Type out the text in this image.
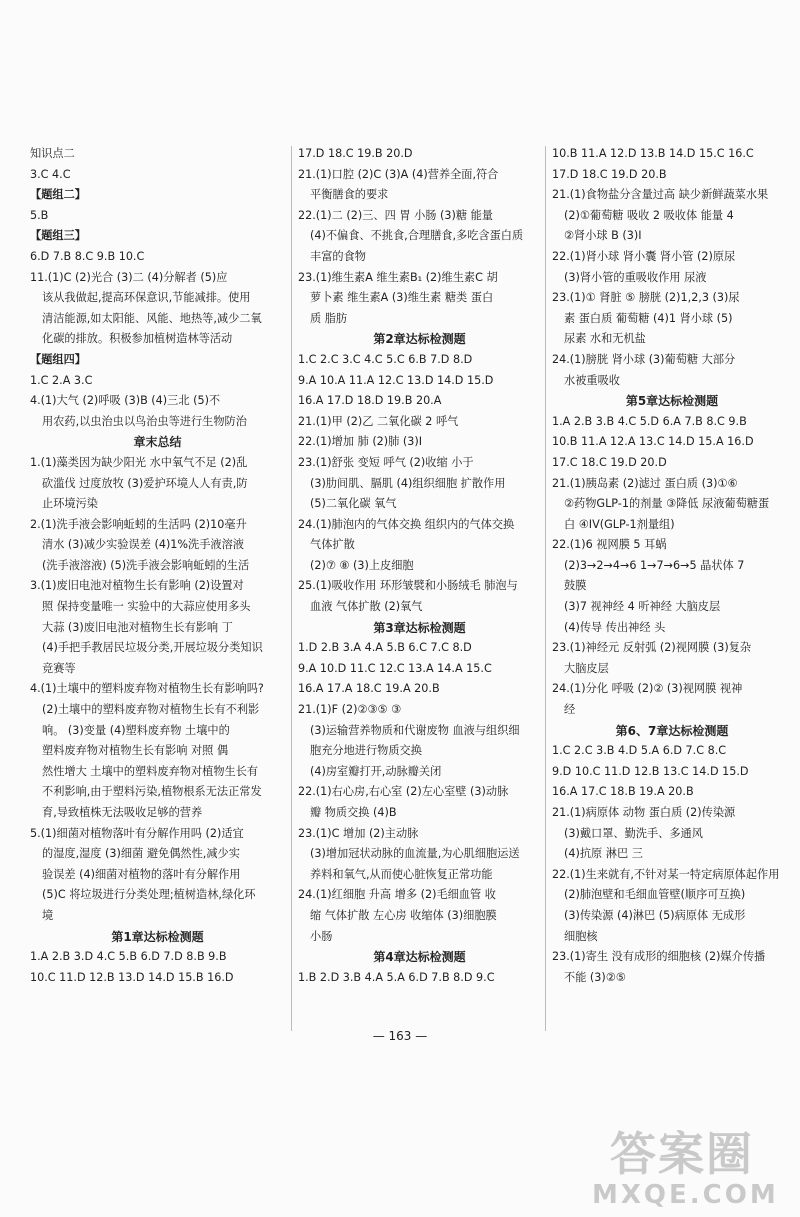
知识点二
3.C 4.C
【题组二】
5.B
【题组三】
6.D 7.B 8.C 9.B 10.C
11.(1)C (2)光合 (3)二 (4)分解者 (5)应
该从我做起,提高环保意识,节能减排。使用
清洁能源,如太阳能、风能、地热等,减少二氧
化碳的排放。积极参加植树造林等活动
【题组四】
1.C 2.A 3.C
4.(1)大气 (2)呼吸 (3)B (4)三北 (5)不
用农药,以虫治虫以鸟治虫等进行生物防治
章末总结
1.(1)藻类因为缺少阳光 水中氧气不足 (2)乱
砍滥伐 过度放牧 (3)爱护环境人人有责,防
止环境污染
2.(1)洗手液会影响蚯蚓的生活吗 (2)10毫升
清水 (3)减少实验误差 (4)1%洗手液溶液
(洗手液溶液) (5)洗手液会影响蚯蚓的生活
3.(1)废旧电池对植物生长有影响 (2)设置对
照 保持变量唯一 实验中的大蒜应使用多头
大蒜 (3)废旧电池对植物生长有影响 丁
(4)手把手教居民垃圾分类,开展垃圾分类知识
竞赛等
4.(1)土壤中的塑料废弃物对植物生长有影响吗?
(2)土壤中的塑料废弃物对植物生长有不利影
响。 (3)变量 (4)塑料废弃物 土壤中的
塑料废弃物对植物生长有影响 对照 偶
然性增大 土壤中的塑料废弃物对植物生长有
不利影响,由于塑料污染,植物根系无法正常发
育,导致植株无法吸收足够的营养
5.(1)细菌对植物落叶有分解作用吗 (2)适宜
的湿度,湿度 (3)细菌 避免偶然性,减少实
验误差 (4)细菌对植物的落叶有分解作用
(5)C 将垃圾进行分类处理;植树造林,绿化环
境
第1章达标检测题
1.A 2.B 3.D 4.C 5.B 6.D 7.D 8.B 9.B
10.C 11.D 12.B 13.D 14.D 15.B 16.D
17.D 18.C 19.B 20.D
21.(1)口腔 (2)C (3)A (4)营养全面,符合
平衡膳食的要求
22.(1)二 (2)三、四 胃 小肠 (3)糖 能量
(4)不偏食、不挑食,合理膳食,多吃含蛋白质
丰富的食物
23.(1)维生素A 维生素B₁ (2)维生素C 胡
萝卜素 维生素A (3)维生素 糖类 蛋白
质 脂肪
第2章达标检测题
1.C 2.C 3.C 4.C 5.C 6.B 7.D 8.D
9.A 10.A 11.A 12.C 13.D 14.D 15.D
16.A 17.D 18.D 19.B 20.A
21.(1)甲 (2)乙 二氧化碳 2 呼气
22.(1)增加 肺 (2)肺 (3)Ⅰ
23.(1)舒张 变短 呼气 (2)收缩 小于
(3)肋间肌、膈肌 (4)组织细胞 扩散作用
(5)二氧化碳 氧气
24.(1)肺泡内的气体交换 组织内的气体交换
气体扩散
(2)⑦ ⑧ (3)上皮细胞
25.(1)吸收作用 环形皱襞和小肠绒毛 肺泡与
血液 气体扩散 (2)氧气
第3章达标检测题
1.D 2.B 3.A 4.A 5.B 6.C 7.C 8.D
9.A 10.D 11.C 12.C 13.A 14.A 15.C
16.A 17.A 18.C 19.A 20.B
21.(1)F (2)②③⑤ ③
(3)运输营养物质和代谢废物 血液与组织细
胞充分地进行物质交换
(4)房室瓣打开,动脉瓣关闭
22.(1)右心房,右心室 (2)左心室壁 (3)动脉
瓣 物质交换 (4)B
23.(1)C 增加 (2)主动脉
(3)增加冠状动脉的血流量,为心肌细胞运送
养料和氧气,从而使心脏恢复正常功能
24.(1)红细胞 升高 增多 (2)毛细血管 收
缩 气体扩散 左心房 收缩体 (3)细胞膜
小肠
第4章达标检测题
1.B 2.D 3.B 4.A 5.A 6.D 7.B 8.D 9.C
10.B 11.A 12.D 13.B 14.D 15.C 16.C
17.D 18.C 19.D 20.B
21.(1)食物盐分含量过高 缺少新鲜蔬菜水果
(2)①葡萄糖 吸收 2 吸收体 能量 4
②肾小球 B (3)Ⅰ
22.(1)肾小球 肾小囊 肾小管 (2)原尿
(3)肾小管的重吸收作用 尿液
23.(1)① 肾脏 ⑤ 膀胱 (2)1,2,3 (3)尿
素 蛋白质 葡萄糖 (4)1 肾小球 (5)
尿素 水和无机盐
24.(1)膀胱 肾小球 (3)葡萄糖 大部分
水被重吸收
第5章达标检测题
1.A 2.B 3.B 4.C 5.D 6.A 7.B 8.C 9.B
10.B 11.A 12.A 13.C 14.D 15.A 16.D
17.C 18.C 19.D 20.D
21.(1)胰岛素 (2)滤过 蛋白质 (3)①⑥
②药物GLP-1的剂量 ③降低 尿液葡萄糖蛋
白 ④IV(GLP-1剂量组)
22.(1)6 视网膜 5 耳蜗
(2)3→2→4→6 1→7→6→5 晶状体 7
鼓膜
(3)7 视神经 4 听神经 大脑皮层
(4)传导 传出神经 头
23.(1)神经元 反射弧 (2)视网膜 (3)复杂
大脑皮层
24.(1)分化 呼吸 (2)② (3)视网膜 视神
经
第6、7章达标检测题
1.C 2.C 3.B 4.D 5.A 6.D 7.C 8.C
9.D 10.C 11.D 12.B 13.C 14.D 15.D
16.A 17.C 18.B 19.A 20.B
21.(1)病原体 动物 蛋白质 (2)传染源
(3)戴口罩、勤洗手、多通风
(4)抗原 淋巴 三
22.(1)生来就有,不针对某一特定病原体起作用
(2)肺泡壁和毛细血管壁(顺序可互换)
(3)传染源 (4)淋巴 (5)病原体 无成形
细胞核
23.(1)寄生 没有成形的细胞核 (2)媒介传播
不能 (3)②⑤
— 163 —
答案圈
MXQE.COM
